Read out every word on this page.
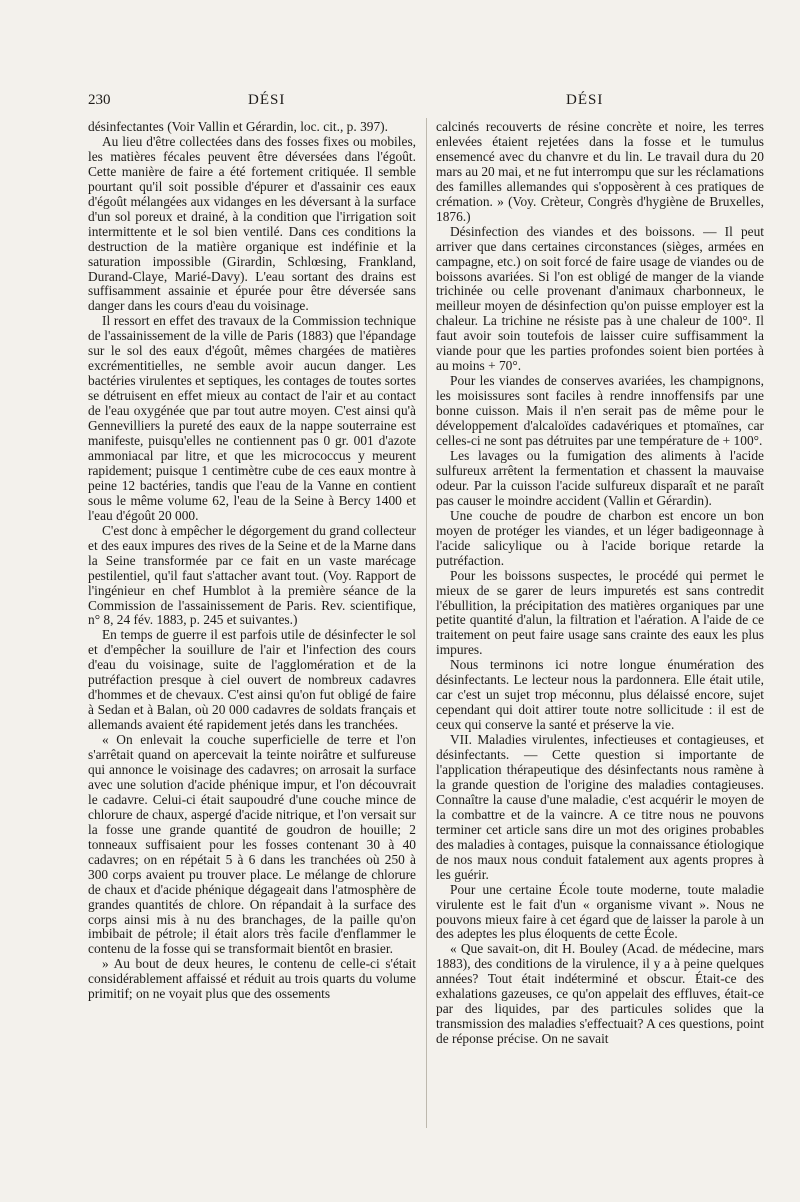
230	DÉSI	DÉSI

désinfectantes (Voir Vallin et Gérardin, loc. cit., p. 397).

Au lieu d'être collectées dans des fosses fixes ou mobiles, les matières fécales peuvent être déversées dans l'égoût. Cette manière de faire a été fortement critiquée. Il semble pourtant qu'il soit possible d'épurer et d'assainir ces eaux d'égoût mélangées aux vidanges en les déversant à la surface d'un sol poreux et drainé, à la condition que l'irrigation soit intermittente et le sol bien ventilé. Dans ces conditions la destruction de la matière organique est indéfinie et la saturation impossible (Girardin, Schlœsing, Frankland, Durand-Claye, Marié-Davy). L'eau sortant des drains est suffisamment assainie et épurée pour être déversée sans danger dans les cours d'eau du voisinage.

Il ressort en effet des travaux de la Commission technique de l'assainissement de la ville de Paris (1883) que l'épandage sur le sol des eaux d'égoût, mêmes chargées de matières excrémentitielles, ne semble avoir aucun danger. Les bactéries virulentes et septiques, les contages de toutes sortes se détruisent en effet mieux au contact de l'air et au contact de l'eau oxygénée que par tout autre moyen. C'est ainsi qu'à Gennevilliers la pureté des eaux de la nappe souterraine est manifeste, puisqu'elles ne contiennent pas 0 gr. 001 d'azote ammoniacal par litre, et que les micrococcus y meurent rapidement; puisque 1 centimètre cube de ces eaux montre à peine 12 bactéries, tandis que l'eau de la Vanne en contient sous le même volume 62, l'eau de la Seine à Bercy 1400 et l'eau d'égoût 20 000.

C'est donc à empêcher le dégorgement du grand collecteur et des eaux impures des rives de la Seine et de la Marne dans la Seine transformée par ce fait en un vaste marécage pestilentiel, qu'il faut s'attacher avant tout. (Voy. Rapport de l'ingénieur en chef Humblot à la première séance de la Commission de l'assainissement de Paris. Rev. scientifique, n° 8, 24 fév. 1883, p. 245 et suivantes.)

En temps de guerre il est parfois utile de désinfecter le sol et d'empêcher la souillure de l'air et l'infection des cours d'eau du voisinage, suite de l'agglomération et de la putréfaction presque à ciel ouvert de nombreux cadavres d'hommes et de chevaux. C'est ainsi qu'on fut obligé de faire à Sedan et à Balan, où 20 000 cadavres de soldats français et allemands avaient été rapidement jetés dans les tranchées.

« On enlevait la couche superficielle de terre et l'on s'arrêtait quand on apercevait la teinte noirâtre et sulfureuse qui annonce le voisinage des cadavres; on arrosait la surface avec une solution d'acide phénique impur, et l'on découvrait le cadavre. Celui-ci était saupoudré d'une couche mince de chlorure de chaux, aspergé d'acide nitrique, et l'on versait sur la fosse une grande quantité de goudron de houille; 2 tonneaux suffisaient pour les fosses contenant 30 à 40 cadavres; on en répétait 5 à 6 dans les tranchées où 250 à 300 corps avaient pu trouver place. Le mélange de chlorure de chaux et d'acide phénique dégageait dans l'atmosphère de grandes quantités de chlore. On répandait à la surface des corps ainsi mis à nu des branchages, de la paille qu'on imbibait de pétrole; il était alors très facile d'enflammer le contenu de la fosse qui se transformait bientôt en brasier.

» Au bout de deux heures, le contenu de celle-ci s'était considérablement affaissé et réduit au trois quarts du volume primitif; on ne voyait plus que des ossements

calcinés recouverts de résine concrète et noire, les terres enlevées étaient rejetées dans la fosse et le tumulus ensemencé avec du chanvre et du lin. Le travail dura du 20 mars au 20 mai, et ne fut interrompu que sur les réclamations des familles allemandes qui s'opposèrent à ces pratiques de crémation. » (Voy. Crèteur, Congrès d'hygiène de Bruxelles, 1876.)

Désinfection des viandes et des boissons. — Il peut arriver que dans certaines circonstances (sièges, armées en campagne, etc.) on soit forcé de faire usage de viandes ou de boissons avariées. Si l'on est obligé de manger de la viande trichinée ou celle provenant d'animaux charbonneux, le meilleur moyen de désinfection qu'on puisse employer est la chaleur. La trichine ne résiste pas à une chaleur de 100°. Il faut avoir soin toutefois de laisser cuire suffisamment la viande pour que les parties profondes soient bien portées à au moins + 70°.

Pour les viandes de conserves avariées, les champignons, les moisissures sont faciles à rendre innoffensifs par une bonne cuisson. Mais il n'en serait pas de même pour le développement d'alcaloïdes cadavériques et ptomaïnes, car celles-ci ne sont pas détruites par une température de + 100°.

Les lavages ou la fumigation des aliments à l'acide sulfureux arrêtent la fermentation et chassent la mauvaise odeur. Par la cuisson l'acide sulfureux disparaît et ne paraît pas causer le moindre accident (Vallin et Gérardin).

Une couche de poudre de charbon est encore un bon moyen de protéger les viandes, et un léger badigeonnage à l'acide salicylique ou à l'acide borique retarde la putréfaction.

Pour les boissons suspectes, le procédé qui permet le mieux de se garer de leurs impuretés est sans contredit l'ébullition, la précipitation des matières organiques par une petite quantité d'alun, la filtration et l'aération. A l'aide de ce traitement on peut faire usage sans crainte des eaux les plus impures.

Nous terminons ici notre longue énumération des désinfectants. Le lecteur nous la pardonnera. Elle était utile, car c'est un sujet trop méconnu, plus délaissé encore, sujet cependant qui doit attirer toute notre sollicitude : il est de ceux qui conserve la santé et préserve la vie.

VII. Maladies virulentes, infectieuses et contagieuses, et désinfectants. — Cette question si importante de l'application thérapeutique des désinfectants nous ramène à la grande question de l'origine des maladies contagieuses. Connaître la cause d'une maladie, c'est acquérir le moyen de la combattre et de la vaincre. A ce titre nous ne pouvons terminer cet article sans dire un mot des origines probables des maladies à contages, puisque la connaissance étiologique de nos maux nous conduit fatalement aux agents propres à les guérir.

Pour une certaine École toute moderne, toute maladie virulente est le fait d'un « organisme vivant ». Nous ne pouvons mieux faire à cet égard que de laisser la parole à un des adeptes les plus éloquents de cette École.

« Que savait-on, dit H. Bouley (Acad. de médecine, mars 1883), des conditions de la virulence, il y a à peine quelques années? Tout était indéterminé et obscur. Était-ce des exhalations gazeuses, ce qu'on appelait des effluves, était-ce par des liquides, par des particules solides que la transmission des maladies s'effectuait? A ces questions, point de réponse précise. On ne savait
